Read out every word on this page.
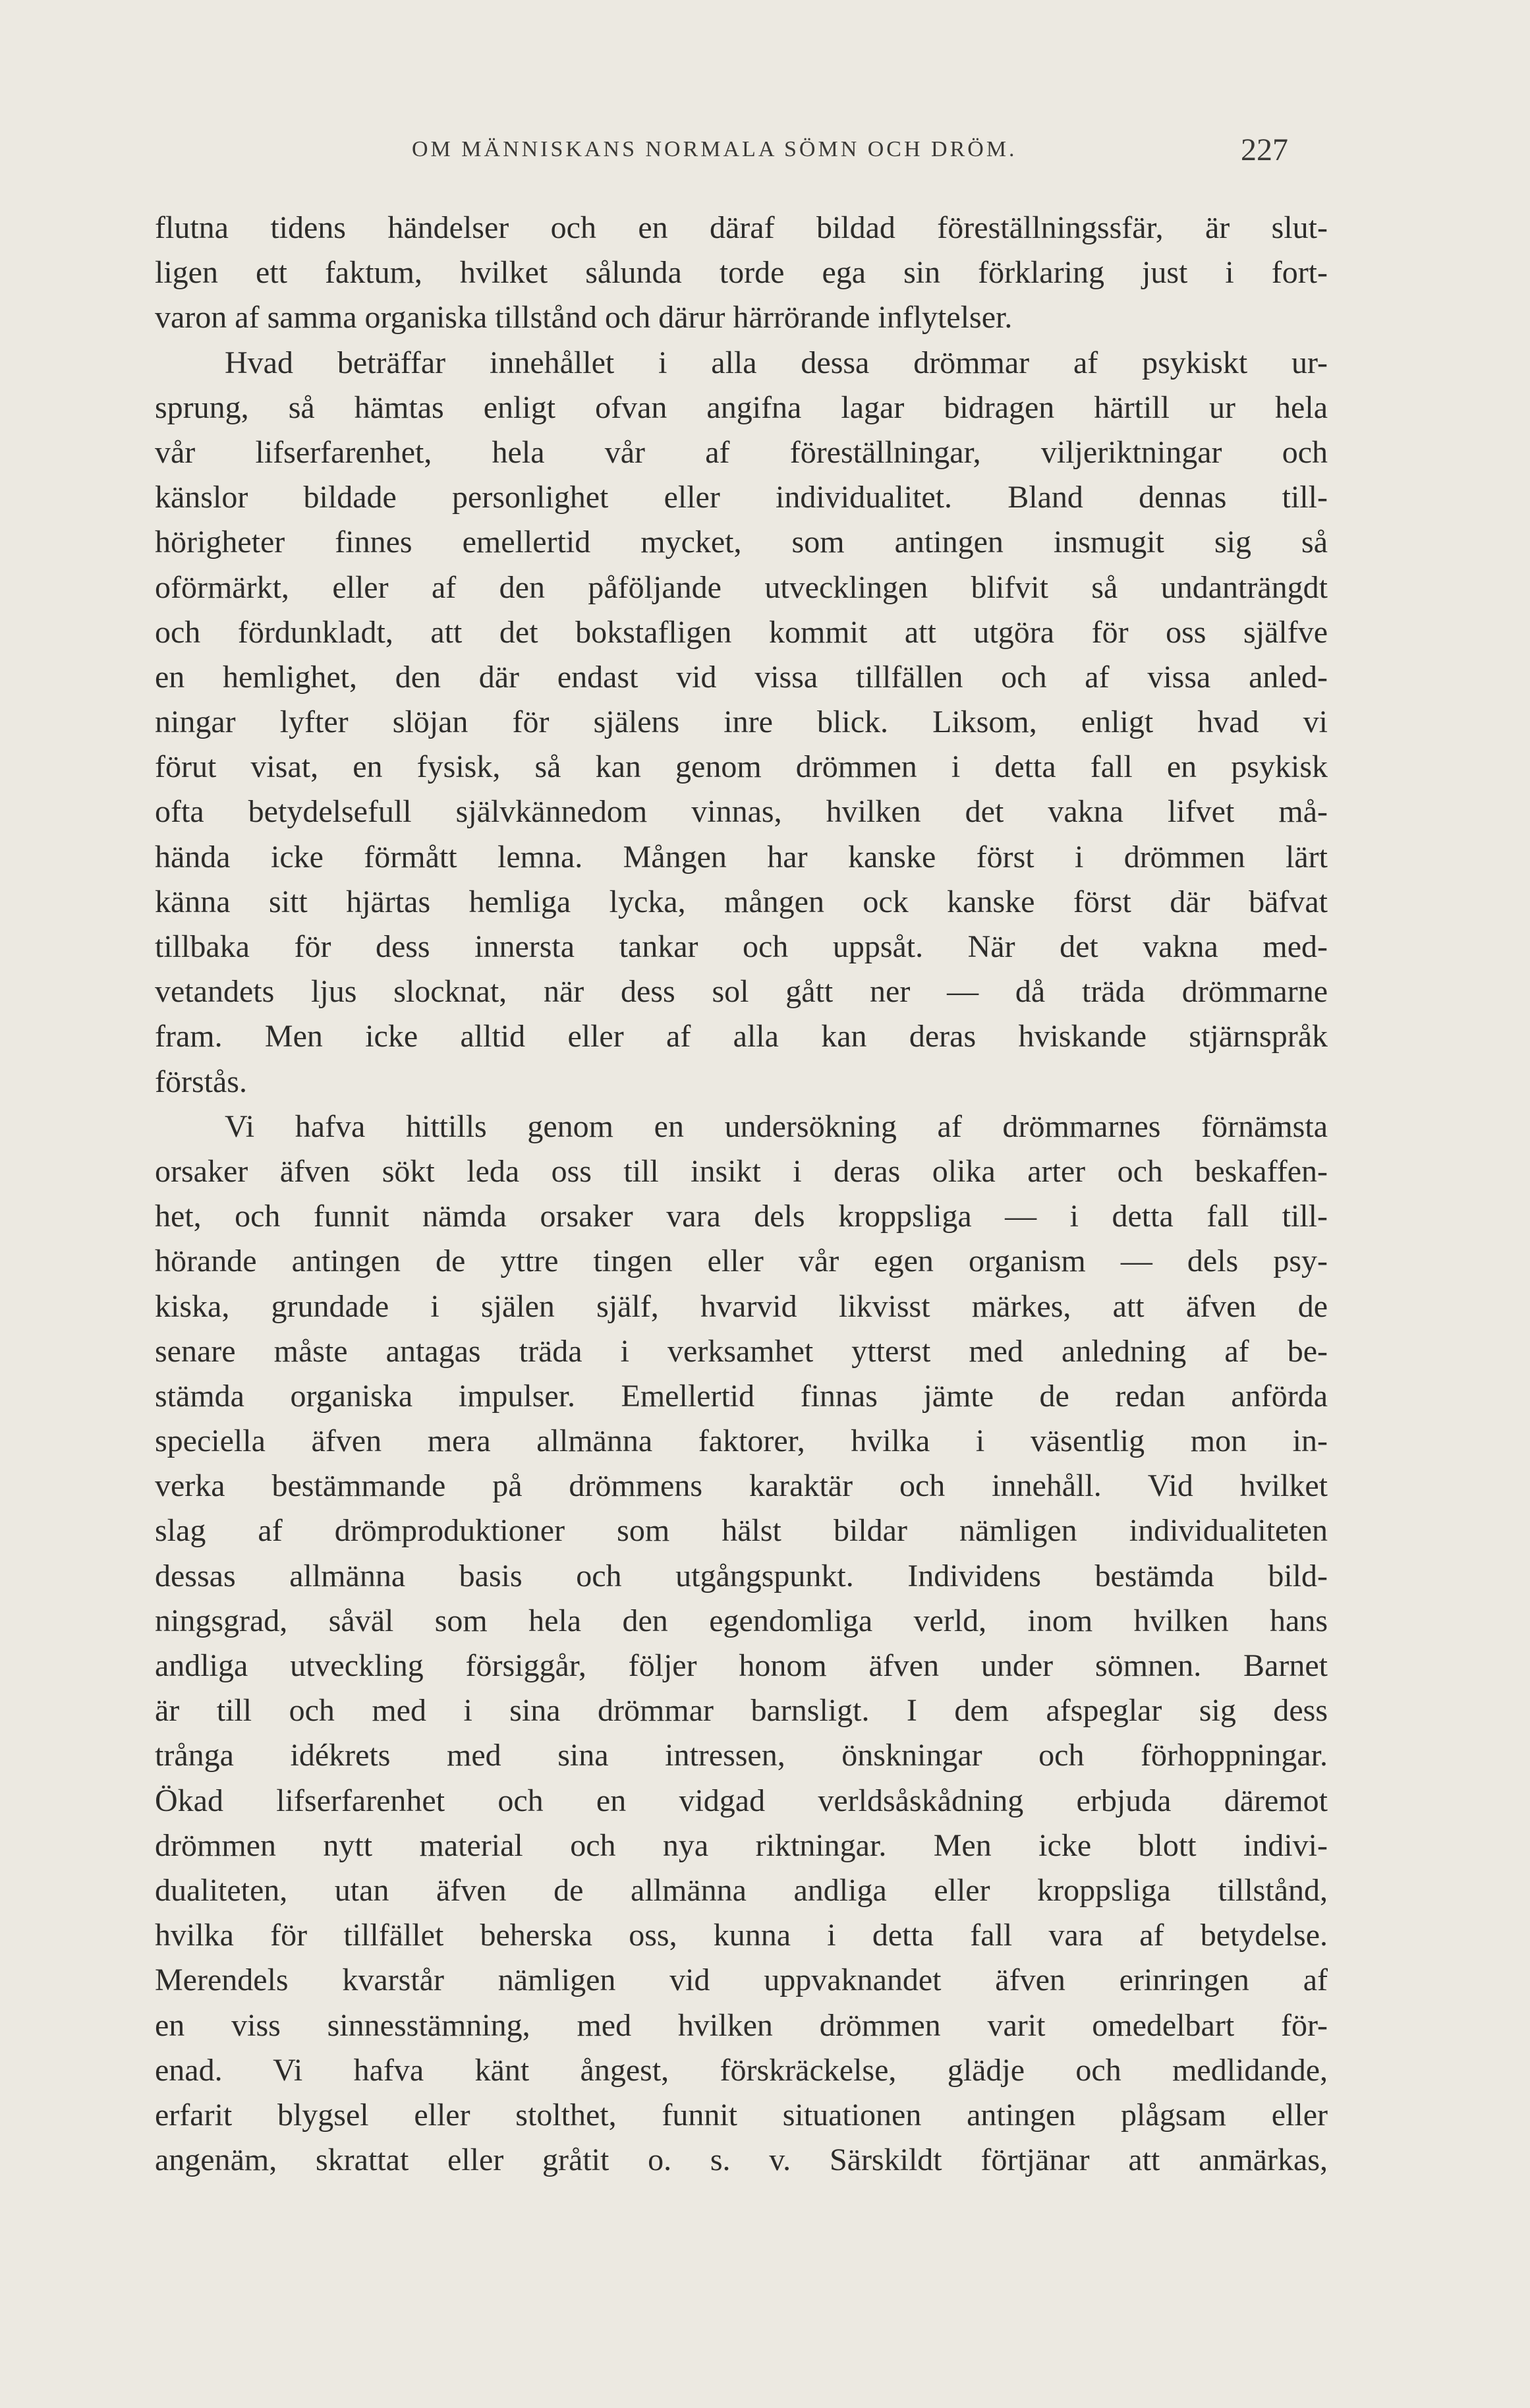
OM MÄNNISKANS NORMALA SÖMN OCH DRÖM.	227
flutna tidens händelser och en däraf bildad föreställningssfär, är slut-
ligen ett faktum, hvilket sålunda torde ega sin förklaring just i fort-
varon af samma organiska tillstånd och därur härrörande inflytelser.
Hvad beträffar innehållet i alla dessa drömmar af psykiskt ur-
sprung, så hämtas enligt ofvan angifna lagar bidragen härtill ur hela
vår lifserfarenhet, hela vår af föreställningar, viljeriktningar och
känslor bildade personlighet eller individualitet. Bland dennas till-
hörigheter finnes emellertid mycket, som antingen insmugit sig så
oförmärkt, eller af den påföljande utvecklingen blifvit så undanträngdt
och fördunkladt, att det bokstafligen kommit att utgöra för oss själfve
en hemlighet, den där endast vid vissa tillfällen och af vissa anled-
ningar lyfter slöjan för själens inre blick. Liksom, enligt hvad vi
förut visat, en fysisk, så kan genom drömmen i detta fall en psykisk
ofta betydelsefull självkännedom vinnas, hvilken det vakna lifvet må-
hända icke förmått lemna. Mången har kanske först i drömmen lärt
känna sitt hjärtas hemliga lycka, mången ock kanske först där bäfvat
tillbaka för dess innersta tankar och uppsåt. När det vakna med-
vetandets ljus slocknat, när dess sol gått ner — då träda drömmarne
fram. Men icke alltid eller af alla kan deras hviskande stjärnspråk
förstås.
Vi hafva hittills genom en undersökning af drömmarnes förnämsta
orsaker äfven sökt leda oss till insikt i deras olika arter och beskaffen-
het, och funnit nämda orsaker vara dels kroppsliga — i detta fall till-
hörande antingen de yttre tingen eller vår egen organism — dels psy-
kiska, grundade i själen själf, hvarvid likvisst märkes, att äfven de
senare måste antagas träda i verksamhet ytterst med anledning af be-
stämda organiska impulser. Emellertid finnas jämte de redan anförda
speciella äfven mera allmänna faktorer, hvilka i väsentlig mon in-
verka bestämmande på drömmens karaktär och innehåll. Vid hvilket
slag af drömproduktioner som hälst bildar nämligen individualiteten
dessas allmänna basis och utgångspunkt. Individens bestämda bild-
ningsgrad, såväl som hela den egendomliga verld, inom hvilken hans
andliga utveckling försiggår, följer honom äfven under sömnen. Barnet
är till och med i sina drömmar barnsligt. I dem afspeglar sig dess
trånga idékrets med sina intressen, önskningar och förhoppningar.
Ökad lifserfarenhet och en vidgad verldsåskådning erbjuda däremot
drömmen nytt material och nya riktningar. Men icke blott indivi-
dualiteten, utan äfven de allmänna andliga eller kroppsliga tillstånd,
hvilka för tillfället beherska oss, kunna i detta fall vara af betydelse.
Merendels kvarstår nämligen vid uppvaknandet äfven erinringen af
en viss sinnesstämning, med hvilken drömmen varit omedelbart för-
enad. Vi hafva känt ångest, förskräckelse, glädje och medlidande,
erfarit blygsel eller stolthet, funnit situationen antingen plågsam eller
angenäm, skrattat eller gråtit o. s. v. Särskildt förtjänar att anmärkas,
